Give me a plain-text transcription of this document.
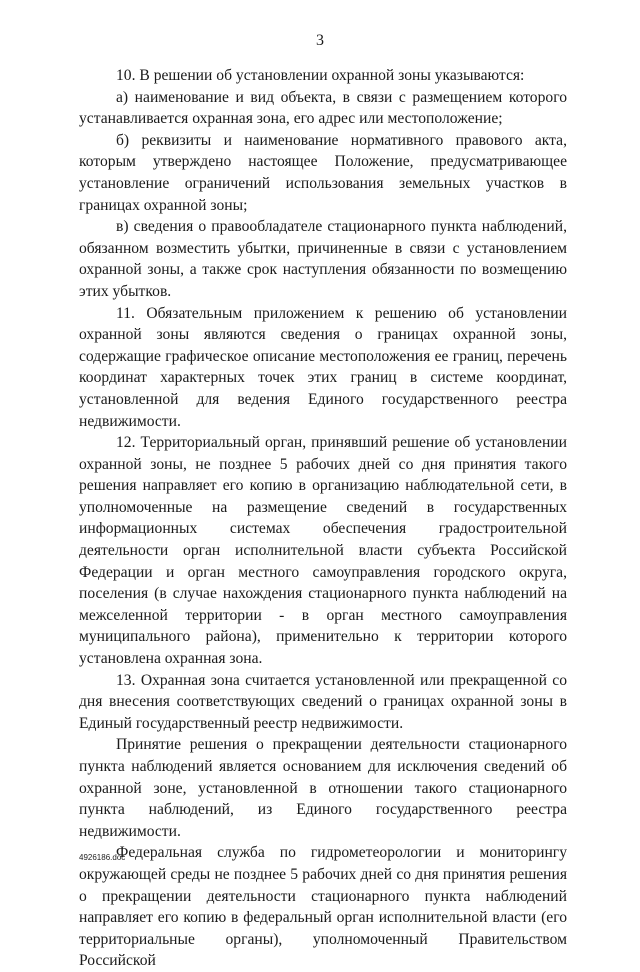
3

10. В решении об установлении охранной зоны указываются:

а) наименование и вид объекта, в связи с размещением которого устанавливается охранная зона, его адрес или местоположение;

б) реквизиты и наименование нормативного правового акта, которым утверждено настоящее Положение, предусматривающее установление ограничений использования земельных участков в границах охранной зоны;

в) сведения о правообладателе стационарного пункта наблюдений, обязанном возместить убытки, причиненные в связи с установлением охранной зоны, а также срок наступления обязанности по возмещению этих убытков.

11. Обязательным приложением к решению об установлении охранной зоны являются сведения о границах охранной зоны, содержащие графическое описание местоположения ее границ, перечень координат характерных точек этих границ в системе координат, установленной для ведения Единого государственного реестра недвижимости.

12. Территориальный орган, принявший решение об установлении охранной зоны, не позднее 5 рабочих дней со дня принятия такого решения направляет его копию в организацию наблюдательной сети, в уполномоченные на размещение сведений в государственных информационных системах обеспечения градостроительной деятельности орган исполнительной власти субъекта Российской Федерации и орган местного самоуправления городского округа, поселения (в случае нахождения стационарного пункта наблюдений на межселенной территории - в орган местного самоуправления муниципального района), применительно к территории которого установлена охранная зона.

13. Охранная зона считается установленной или прекращенной со дня внесения соответствующих сведений о границах охранной зоны в Единый государственный реестр недвижимости.

Принятие решения о прекращении деятельности стационарного пункта наблюдений является основанием для исключения сведений об охранной зоне, установленной в отношении такого стационарного пункта наблюдений, из Единого государственного реестра недвижимости.

Федеральная служба по гидрометеорологии и мониторингу окружающей среды не позднее 5 рабочих дней со дня принятия решения о прекращении деятельности стационарного пункта наблюдений направляет его копию в федеральный орган исполнительной власти (его территориальные органы), уполномоченный Правительством Российской

4926186.doc
